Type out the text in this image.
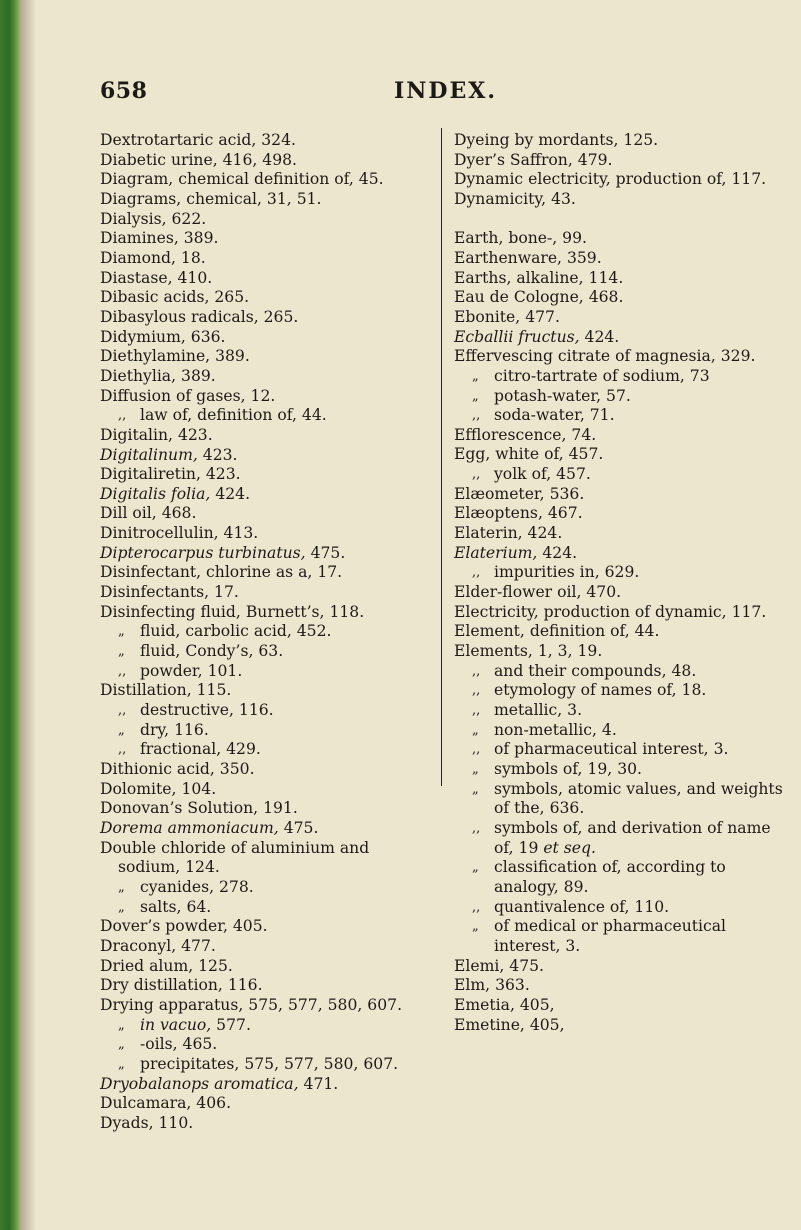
658	INDEX.
Dextrotartaric acid, 324.
Diabetic urine, 416, 498.
Diagram, chemical definition of, 45.
Diagrams, chemical, 31, 51.
Dialysis, 622.
Diamines, 389.
Diamond, 18.
Diastase, 410.
Dibasic acids, 265.
Dibasylous radicals, 265.
Didymium, 636.
Diethylamine, 389.
Diethylia, 389.
Diffusion of gases, 12.
,, law of, definition of, 44.
Digitalin, 423.
Digitalinum, 423.
Digitaliretin, 423.
Digitalis folia, 424.
Dill oil, 468.
Dinitrocellulin, 413.
Dipterocarpus turbinatus, 475.
Disinfectant, chlorine as a, 17.
Disinfectants, 17.
Disinfecting fluid, Burnett’s, 118.
„ fluid, carbolic acid, 452.
„ fluid, Condy’s, 63.
,, powder, 101.
Distillation, 115.
,, destructive, 116.
„ dry, 116.
,, fractional, 429.
Dithionic acid, 350.
Dolomite, 104.
Donovan’s Solution, 191.
Dorema ammoniacum, 475.
Double chloride of aluminium and sodium, 124.
„ cyanides, 278.
„ salts, 64.
Dover’s powder, 405.
Draconyl, 477.
Dried alum, 125.
Dry distillation, 116.
Drying apparatus, 575, 577, 580, 607.
„ in vacuo, 577.
„ -oils, 465.
„ precipitates, 575, 577, 580, 607.
Dryobalanops aromatica, 471.
Dulcamara, 406.
Dyads, 110.
Dyeing by mordants, 125.
Dyer’s Saffron, 479.
Dynamic electricity, production of, 117.
Dynamicity, 43.
Earth, bone-, 99.
Earthenware, 359.
Earths, alkaline, 114.
Eau de Cologne, 468.
Ebonite, 477.
Ecballii fructus, 424.
Effervescing citrate of magnesia, 329.
„ citro-tartrate of sodium, 73
„ potash-water, 57.
,, soda-water, 71.
Efflorescence, 74.
Egg, white of, 457.
,, yolk of, 457.
Elæometer, 536.
Elæoptens, 467.
Elaterin, 424.
Elaterium, 424.
,, impurities in, 629.
Elder-flower oil, 470.
Electricity, production of dynamic, 117.
Element, definition of, 44.
Elements, 1, 3, 19.
,, and their compounds, 48.
,, etymology of names of, 18.
,, metallic, 3.
„ non-metallic, 4.
,, of pharmaceutical interest, 3.
„ symbols of, 19, 30.
„ symbols, atomic values, and weights of the, 636.
,, symbols of, and derivation of name of, 19 et seq.
„ classification of, according to analogy, 89.
,, quantivalence of, 110.
„ of medical or pharmaceutical interest, 3.
Elemi, 475.
Elm, 363.
Emetia, 405,
Emetine, 405,
